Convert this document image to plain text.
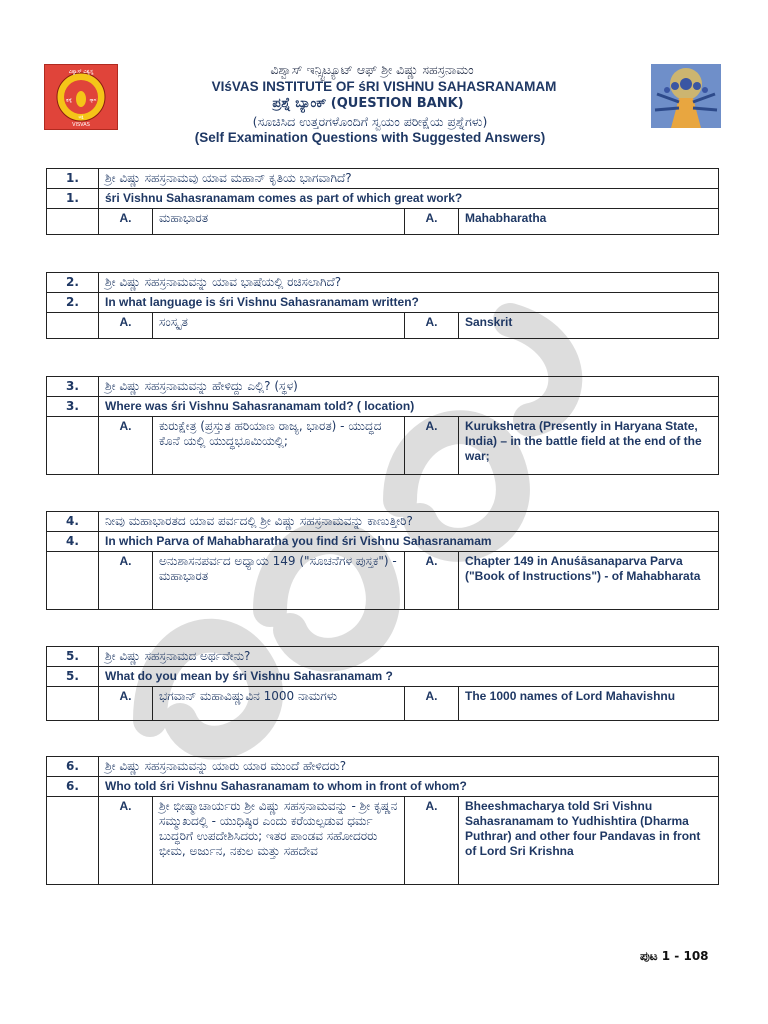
ವಿಶ್ವಾಸ್ ವಿಶ್ವಸ್ಥ
ಶ್ರದ್ಧೆ	ಧ್ಯಾನ
ಭಕ್ತಿ
VISVAS
ವಿಶ್ವಾಸ್ ಇನ್ಸ್ಟಿಟ್ಯೂಟ್ ಆಫ್ ಶ್ರೀ ವಿಷ್ಣು ಸಹಸ್ರನಾಮಂ
VIśVAS INSTITUTE OF śRI VISHNU SAHASRANAMAM
ಪ್ರಶ್ನೆ ಬ್ಯಾಂಕ್ (QUESTION BANK)
(ಸೂಚಿಸಿದ ಉತ್ತರಗಳೊಂದಿಗೆ ಸ್ವಯಂ ಪರೀಕ್ಷೆಯ ಪ್ರಶ್ನೆಗಳು)
(Self Examination Questions with Suggested Answers)
1.	ಶ್ರೀ ವಿಷ್ಣು ಸಹಸ್ರನಾಮವು ಯಾವ ಮಹಾನ್ ಕೃತಿಯ ಭಾಗವಾಗಿದೆ?			
1.	śri Vishnu Sahasranamam comes as part of which great work?			
	A.	ಮಹಾಭಾರತ	A.	Mahabharatha
2.	ಶ್ರೀ ವಿಷ್ಣು ಸಹಸ್ರನಾಮವನ್ನು ಯಾವ ಭಾಷೆಯಲ್ಲಿ ರಚಿಸಲಾಗಿದೆ?			
2.	In what language is śri Vishnu Sahasranamam written?			
	A.	ಸಂಸ್ಕೃತ	A.	Sanskrit
3.	ಶ್ರೀ ವಿಷ್ಣು ಸಹಸ್ರನಾಮವನ್ನು ಹೇಳಿದ್ದು ಎಲ್ಲಿ? (ಸ್ಥಳ)			
3.	Where was śri Vishnu Sahasranamam told? ( location)			
	A.	ಕುರುಕ್ಷೇತ್ರ (ಪ್ರಸ್ತುತ ಹರಿಯಾಣ ರಾಜ್ಯ, ಭಾರತ) - ಯುದ್ಧದ ಕೊನೆ ಯಲ್ಲಿ ಯುದ್ಧಭೂಮಿಯಲ್ಲಿ;	A.	Kurukshetra (Presently in Haryana State, India) – in the battle field at the end of the war;
4.	ನೀವು ಮಹಾಭಾರತದ ಯಾವ ಪರ್ವದಲ್ಲಿ ಶ್ರೀ ವಿಷ್ಣು ಸಹಸ್ರನಾಮವನ್ನು ಕಾಣುತ್ತೀರಿ?			
4.	In which Parva of Mahabharatha you find śri Vishnu Sahasranamam			
	A.	ಅನುಶಾಸನಪರ್ವದ ಅಧ್ಯಾಯ 149 ("ಸೂಚನೆಗಳ ಪುಸ್ತಕ") - ಮಹಾಭಾರತ	A.	Chapter 149 in Anuśāsanaparva Parva ("Book of Instructions") - of Mahabharata
5.	ಶ್ರೀ ವಿಷ್ಣು ಸಹಸ್ರನಾಮದ ಅರ್ಥವೇನು?			
5.	What do you mean by śri Vishnu Sahasranamam ?			
	A.	ಭಗವಾನ್ ಮಹಾವಿಷ್ಣುವಿನ 1000 ನಾಮಗಳು	A.	The 1000 names of Lord Mahavishnu
6.	ಶ್ರೀ ವಿಷ್ಣು ಸಹಸ್ರನಾಮವನ್ನು ಯಾರು ಯಾರ ಮುಂದೆ ಹೇಳಿದರು?			
6.	Who told śri Vishnu Sahasranamam to whom in front of whom?			
	A.	ಶ್ರೀ ಭೀಷ್ಮಾಚಾರ್ಯರು ಶ್ರೀ ವಿಷ್ಣು ಸಹಸ್ರನಾಮವನ್ನು - ಶ್ರೀ ಕೃಷ್ಣನ ಸಮ್ಮುಖದಲ್ಲಿ - ಯುಧಿಷ್ಠಿರ ಎಂದು ಕರೆಯಲ್ಪಡುವ ಧರ್ಮ ಬುದ್ಧರಿಗೆ ಉಪದೇಶಿಸಿದರು; ಇತರ ಪಾಂಡವ ಸಹೋದರರು ಭೀಮ, ಅರ್ಜುನ, ನಕುಲ ಮತ್ತು ಸಹದೇವ	A.	Bheeshmacharya told Sri Vishnu Sahasranamam to Yudhishtira (Dharma Puthrar) and other four Pandavas in front of Lord Sri Krishna
ಪುಟ 1 - 108
